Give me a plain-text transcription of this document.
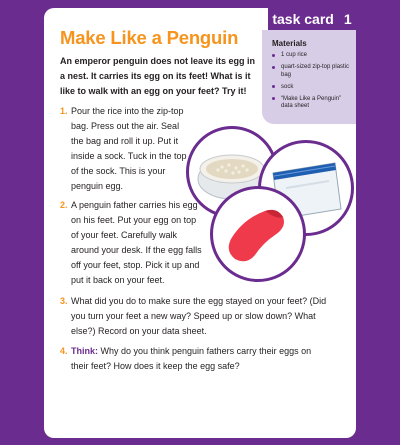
task card 1
Make Like a Penguin
An emperor penguin does not leave its egg in a nest. It carries its egg on its feet! What is it like to walk with an egg on your feet? Try it!
Materials
1 cup rice
quart-sized zip-top plastic bag
sock
“Make Like a Penguin” data sheet
1. Pour the rice into the zip-top bag. Press out the air. Seal the bag and roll it up. Put it inside a sock. Tuck in the top of the sock. This is your penguin egg.
2. A penguin father carries his egg on his feet. Put your egg on top of your feet. Carefully walk around your desk. If the egg falls off your feet, stop. Pick it up and put it back on your feet.
3. What did you do to make sure the egg stayed on your feet? (Did you turn your feet a new way? Speed up or slow down? What else?) Record on your data sheet.
4. Think: Why do you think penguin fathers carry their eggs on their feet? How does it keep the egg safe?
